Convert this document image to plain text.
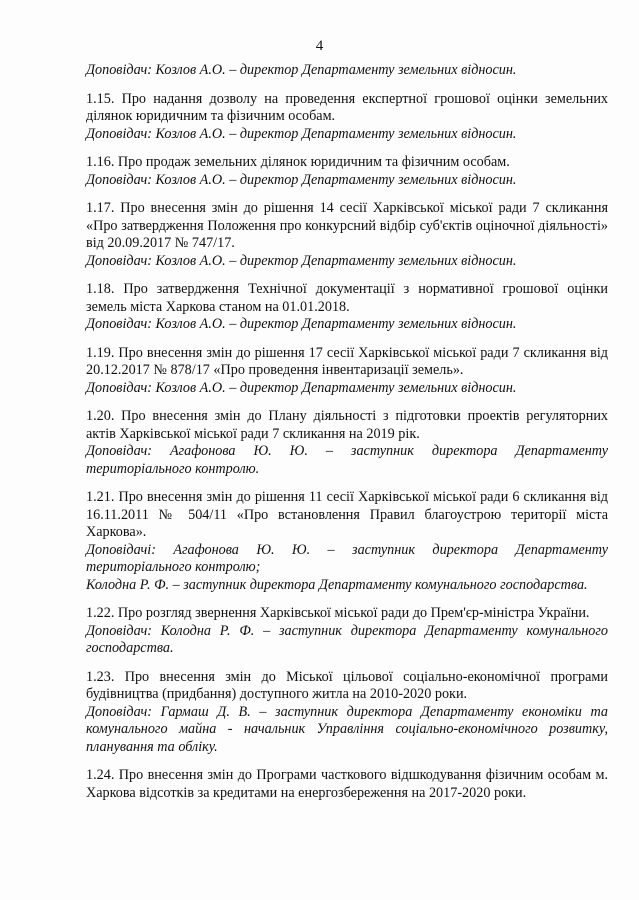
4

Доповідач: Козлов А.О. – директор Департаменту земельних відносин.

1.15. Про надання дозволу на проведення експертної грошової оцінки земельних ділянок юридичним та фізичним особам.

Доповідач: Козлов А.О. – директор Департаменту земельних відносин.

1.16. Про продаж земельних ділянок юридичним та фізичним особам.

Доповідач: Козлов А.О. – директор Департаменту земельних відносин.

1.17. Про внесення змін до рішення 14 сесії Харківської міської ради 7 скликання «Про затвердження Положення про конкурсний відбір суб'єктів оціночної діяльності» від 20.09.2017 № 747/17.

Доповідач: Козлов А.О. – директор Департаменту земельних відносин.

1.18. Про затвердження Технічної документації з нормативної грошової оцінки земель міста Харкова станом на 01.01.2018.

Доповідач: Козлов А.О. – директор Департаменту земельних відносин.

1.19. Про внесення змін до рішення 17 сесії Харківської міської ради 7 скликання від 20.12.2017 № 878/17 «Про проведення інвентаризації земель».

Доповідач: Козлов А.О. – директор Департаменту земельних відносин.

1.20. Про внесення змін до Плану діяльності з підготовки проектів регуляторних актів Харківської міської ради 7 скликання на 2019 рік.

Доповідач: Агафонова Ю. Ю. – заступник директора Департаменту територіального контролю.

1.21. Про внесення змін до рішення 11 сесії Харківської міської ради 6 скликання від 16.11.2011 № 504/11 «Про встановлення Правил благоустрою території міста Харкова».

Доповідачі: Агафонова Ю. Ю. – заступник директора Департаменту територіального контролю;

Колодна Р. Ф. – заступник директора Департаменту комунального господарства.

1.22. Про розгляд звернення Харківської міської ради до Прем'єр-міністра України.

Доповідач: Колодна Р. Ф. – заступник директора Департаменту комунального господарства.

1.23. Про внесення змін до Міської цільової соціально-економічної програми будівництва (придбання) доступного житла на 2010-2020 роки.

Доповідач: Гармаш Д. В. – заступник директора Департаменту економіки та комунального майна - начальник Управління соціально-економічного розвитку, планування та обліку.

1.24. Про внесення змін до Програми часткового відшкодування фізичним особам м. Харкова відсотків за кредитами на енергозбереження на 2017-2020 роки.
